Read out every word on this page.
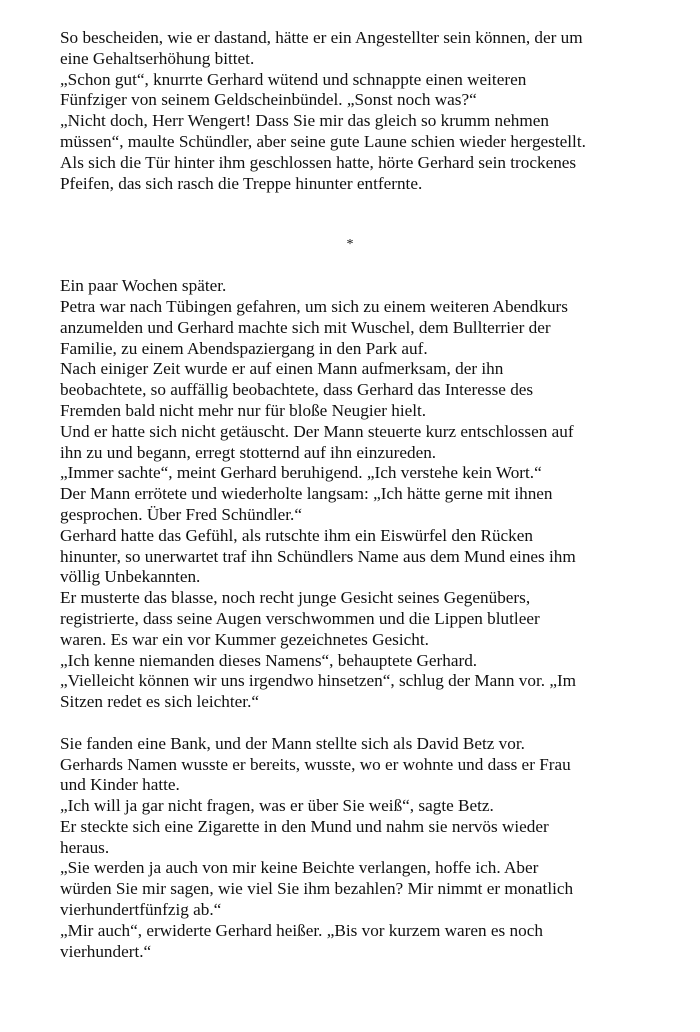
So bescheiden, wie er dastand, hätte er ein Angestellter sein können, der um
eine Gehaltserhöhung bittet.
„Schon gut“, knurrte Gerhard wütend und schnappte einen weiteren
Fünfziger von seinem Geldscheinbündel. „Sonst noch was?“
„Nicht doch, Herr Wengert! Dass Sie mir das gleich so krumm nehmen
müssen“, maulte Schündler, aber seine gute Laune schien wieder hergestellt.
Als sich die Tür hinter ihm geschlossen hatte, hörte Gerhard sein trockenes
Pfeifen, das sich rasch die Treppe hinunter entfernte.
*
Ein paar Wochen später.
Petra war nach Tübingen gefahren, um sich zu einem weiteren Abendkurs
anzumelden und Gerhard machte sich mit Wuschel, dem Bullterrier der
Familie, zu einem Abendspaziergang in den Park auf.
Nach einiger Zeit wurde er auf einen Mann aufmerksam, der ihn
beobachtete, so auffällig beobachtete, dass Gerhard das Interesse des
Fremden bald nicht mehr nur für bloße Neugier hielt.
Und er hatte sich nicht getäuscht. Der Mann steuerte kurz entschlossen auf
ihn zu und begann, erregt stotternd auf ihn einzureden.
„Immer sachte“, meint Gerhard beruhigend. „Ich verstehe kein Wort.“
Der Mann errötete und wiederholte langsam: „Ich hätte gerne mit ihnen
gesprochen. Über Fred Schündler.“
Gerhard hatte das Gefühl, als rutschte ihm ein Eiswürfel den Rücken
hinunter, so unerwartet traf ihn Schündlers Name aus dem Mund eines ihm
völlig Unbekannten.
Er musterte das blasse, noch recht junge Gesicht seines Gegenübers,
registrierte, dass seine Augen verschwommen und die Lippen blutleer
waren. Es war ein vor Kummer gezeichnetes Gesicht.
„Ich kenne niemanden dieses Namens“, behauptete Gerhard.
„Vielleicht können wir uns irgendwo hinsetzen“, schlug der Mann vor. „Im
Sitzen redet es sich leichter.“
Sie fanden eine Bank, und der Mann stellte sich als David Betz vor.
Gerhards Namen wusste er bereits, wusste, wo er wohnte und dass er Frau
und Kinder hatte.
„Ich will ja gar nicht fragen, was er über Sie weiß“, sagte Betz.
Er steckte sich eine Zigarette in den Mund und nahm sie nervös wieder
heraus.
„Sie werden ja auch von mir keine Beichte verlangen, hoffe ich. Aber
würden Sie mir sagen, wie viel Sie ihm bezahlen? Mir nimmt er monatlich
vierhundertfünfzig ab.“
„Mir auch“, erwiderte Gerhard heißer. „Bis vor kurzem waren es noch
vierhundert.“
